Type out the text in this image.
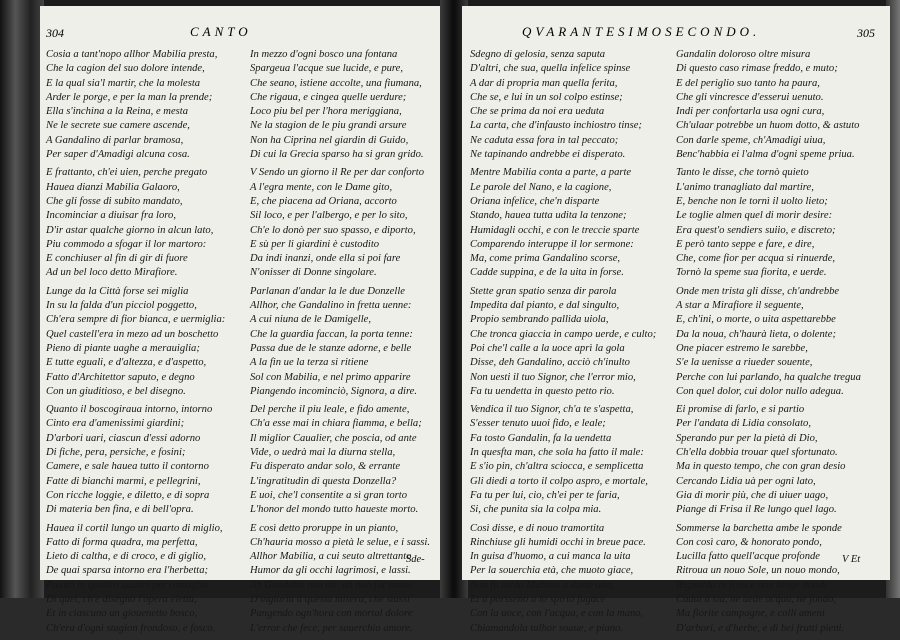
304	CANTO
Cosia a tant'nopo allhor Mabilia presta,
Che la cagion del suo dolore intende,
E la qual sia'l martir, che la molesta
Arder le porge, e per la man la prende;
Ella s'inchina a la Reina, e mesta
Ne le secrete sue camere ascende,
A Gandalino di parlar bramosa,
Per saper d'Amadigi alcuna cosa.
E frattanto, ch'ei uien, perche pregato
Hauea dianzi Mabilia Galaoro,
Che gli fosse di subito mandato,
Incominciar a diuisar fra loro,
D'ir astar qualche giorno in alcun lato,
Piu commodo a sfogar il lor martoro:
E conchiuser al fin di gir di fuore
Ad un bel loco detto Mirafiore.
Lunge da la Città forse sei miglia
In su la falda d'un picciol poggetto,
Ch'era sempre di fior bianca, e uermiglia:
Quel castell'era in mezo ad un boschetto
Pieno di piante uaghe a merauiglia;
E tutte eguali, e d'altezza, e d'aspetto,
Fatto d'Architettor saputo, e degno
Con un giuditioso, e bel disegno.
Quanto il boscogiraua intorno, intorno
Cinto era d'amenissimi giardini;
D'arbori uari, ciascun d'essi adorno
Di fiche, pera, persiche, e fosini;
Camere, e sale hauea tutto il contorno
Fatte di bianchi marmi, e pellegrini,
Con ricche loggie, e diletto, e di sopra
Di materia ben fina, e di bell'opra.
Hauea il cortil lungo un quarto di miglio,
Fatto di forma quadra, ma perfetta,
Lieto di caltha, e di croco, e di giglio,
De quai sparsa intorno era l'herbetta;
Pauito in quattro quadri per consiglio
Di quel, ch'e disegnò l'opera eletta,
Et in ciascuno un giouenetto bosco,
Ch'era d'ogni stagion frondoso, e fosco.
In mezzo d'ogni bosco una fontana
Spargeua l'acque sue lucide, e pure,
Che seano, istiene accolte, una fiumana,
Che rigaua, e cingea quelle uerdure;
Loco piu bel per l'hora meriggiana,
Ne la stagion de le piu grandi arsure
Non ha Ciprina nel giardin di Guido,
Di cui la Grecia sparso ha si gran grido.
V Sendo un giorno il Re per dar conforto
A l'egra mente, con le Dame gito,
E, che piacena ad Oriana, accorto
Sil loco, e per l'albergo, e per lo sito,
Ch'e lo donò per suo spasso, e diporto,
E sù per li giardini è custodito
Da indi inanzi, onde ella si poi fare
N'onisser di Donne singolare.
Parlanan d'andar la le due Donzelle
Allhor, che Gandalino in fretta uenne:
A cui niuna de le Damigelle,
Che la guardia faccan, la porta tenne:
Passa due de le stanze adorne, e belle
A la fin ue la terza si ritiene
Sol con Mabilia, e nel primo apparire
Piangendo incominciò, Signora, a dire.
Del perche il piu leale, e fido amente,
Ch'a esse mai in chiara fiamma, e bella;
Il miglior Caualier, che poscia, od ante
Vide, o uedrà mai la diurna stella,
Fu disperato andar solo, & errante
L'ingratitudin di questa Donzella?
E uoi, che'l consentite a sì gran torto
L'honor del mondo tutto haueste morto.
E così detto proruppe in un pianto,
Ch'hauria mosso a pietà le selue, e i sassi.
Allhor Mabilia, a cui seuto altrettanto
Humor da gli occhi lagrimosi, e lassi.
Ah Gandalin non dir, ah non far tanto
D'ingiuria a questa misera, che stassi
Pangendo ogn'hora con mortal dolore
L'error che fece, per souerchio amore.
Sde-
QVARANTESIMOSECONDO.	305
Sdegno di gelosia, senza saputa
D'altri, che sua, quella infelice spinse
A dar di propria man quella ferita,
Che se, e lui in un sol colpo estinse;
Che se prima da noi era ueduta
La carta, che d'infausto inchiostro tinse;
Ne caduta essa fora in tal peccato;
Ne tapinando andrebbe ei disperato.
Mentre Mabilia conta a parte, a parte
Le parole del Nano, e la cagione,
Oriana infelice, che'n disparte
Stando, hauea tutta udita la tenzone;
Humidagli occhi, e con le treccie sparte
Comparendo interuppe il lor sermone:
Ma, come prima Gandalino scorse,
Cadde suppina, e de la uita in forse.
Stette gran spatio senza dir parola
Impedita dal pianto, e dal singulto,
Propio sembrando pallida uiola,
Che tronca giaccia in campo uerde, e culto;
Poi che'l calle a la uoce aprì la gola
Disse, deh Gandalino, acciò ch'inulto
Non uesti il tuo Signor, che l'error mio,
Fa tu uendetta in questo petto rio.
Vendica il tuo Signor, ch'a te s'aspetta,
S'esser tenuto uuoi fido, e leale;
Fa tosto Gandalin, fa la uendetta
In quesfta man, che sola ha fatto il male:
E s'io pin, ch'altra sciocca, e semplicetta
Gli diedi a torto il colpo aspro, e mortale,
Fa tu per lui, cio, ch'ei per te faria,
Si, che punita sia la colpa mia.
Così disse, e di nouo tramortita
Rinchiuse gli humidi occhi in breue pace.
In guisa d'huomo, a cui manca la uita
Per la souerchia età, che muoto giace,
Non fu tarda Mabilia a darle aita,
Et a porsseno a lo spirto fugace
Con la uoce, con l'acqua, e con la mano,
Chiamandola talhor soaue, e piano.
Gandalin doloroso oltre misura
Di questo caso rimase freddo, e muto;
E del periglio suo tanto ha paura,
Che gli vincresce d'esserui uenuto.
Indi per confortarla usa ogni cura,
Ch'ulaar potrebbe un huom dotto, & astuto
Con darle speme, ch'Amadigi uiua,
Benc'habbia ei l'alma d'ogni speme priua.
Tanto le disse, che tornò quieto
L'animo tranagliato dal martire,
E, benche non le tornì il uolto lieto;
Le toglie almen quel di morir desire:
Era quest'o sendiers suiio, e discreto;
E però tanto seppe e fare, e dire,
Che, come fior per acqua si rinuerde,
Tornò la speme sua fiorita, e uerde.
Onde men trista gli disse, ch'andrebbe
A star a Mirafiore il seguente,
E, ch'ini, o morte, o uita aspettarebbe
Da la noua, ch'haurà lieta, o dolente;
One piacer estremo le sarebbe,
S'e la uenisse a riueder souente,
Perche con lui parlando, ha qualche tregua
Con quel dolor, cui dolor nullo adegua.
Ei promise di farlo, e si partio
Per l'andata di Lidia consolato,
Sperando pur per la pietà di Dio,
Ch'ella dobbia trouar quel sfortunato.
Ma in questo tempo, che con gran desio
Cercando Lidia uà per ogni lato,
Gia di morir più, che di uiuer uago,
Piange di Frisa il Re lungo quel lago.
Sommerse la barchetta ambe le sponde
Con così caro, & honorato pondo,
Lucilla fatto quell'acque profonde
Ritroua un nouo Sole, un nouo mondo,
Riguarda in fossce non lunge donde
Cadut a sia, ne uede acqua, ne fondo,
Ma florite campagne, e colli ameni
D'arbori, e d'herbe, e di bei frutti pieni.
V Et
